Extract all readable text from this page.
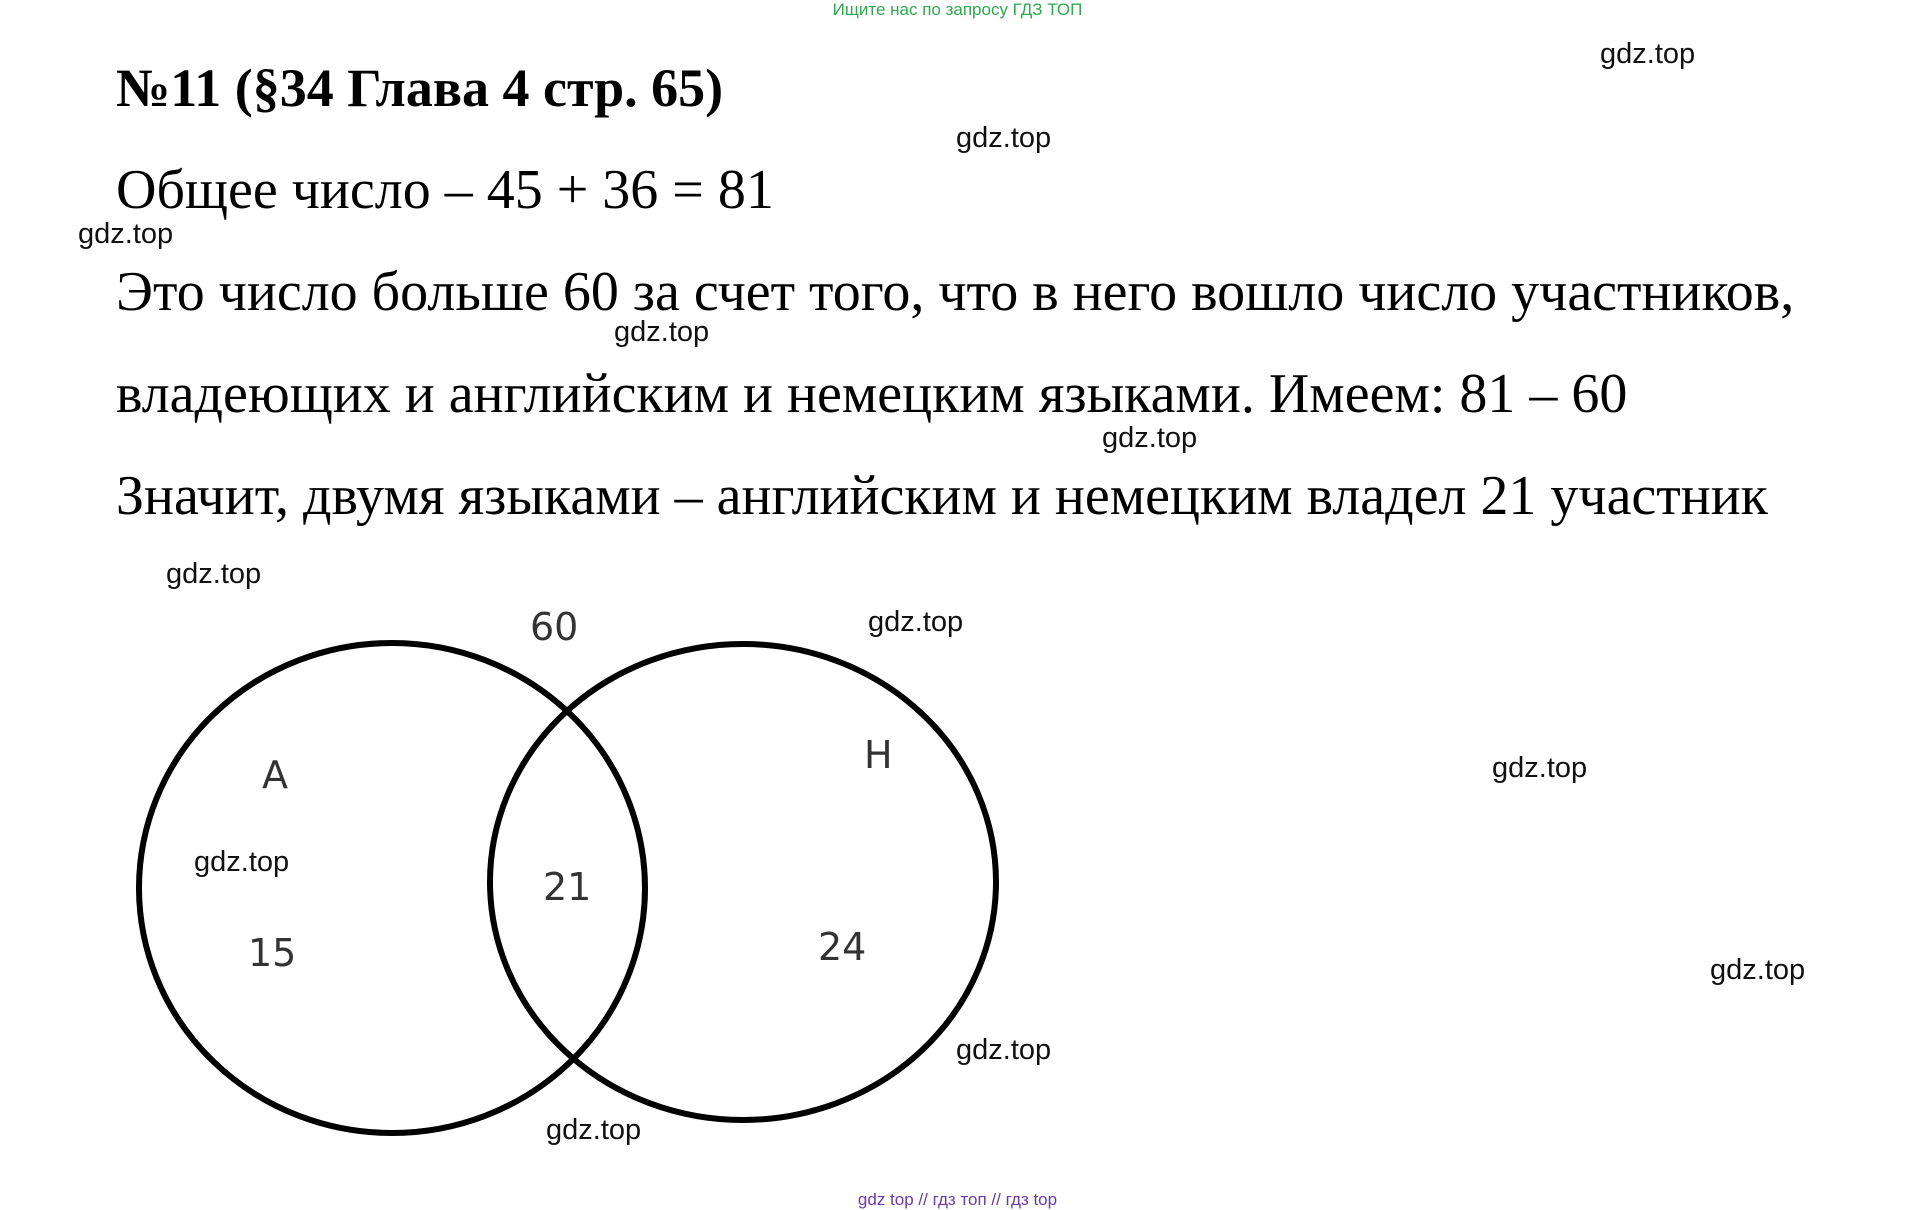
Ищите нас по запросу ГДЗ ТОП
№11 (§34 Глава 4 стр. 65)
Общее число – 45 + 36 = 81
Это число больше 60 за счет того, что в него вошло число участников,
владеющих и английским и немецким языками. Имеем: 81 – 60
Значит, двумя языками – английским и немецким владел 21 участник
60
А	Н
15
21
24
gdz.top
gdz.top
gdz.top
gdz.top
gdz.top
gdz.top
gdz.top
gdz.top
gdz.top
gdz.top
gdz.top
gdz.top
gdz top // гдз топ // гдз top
